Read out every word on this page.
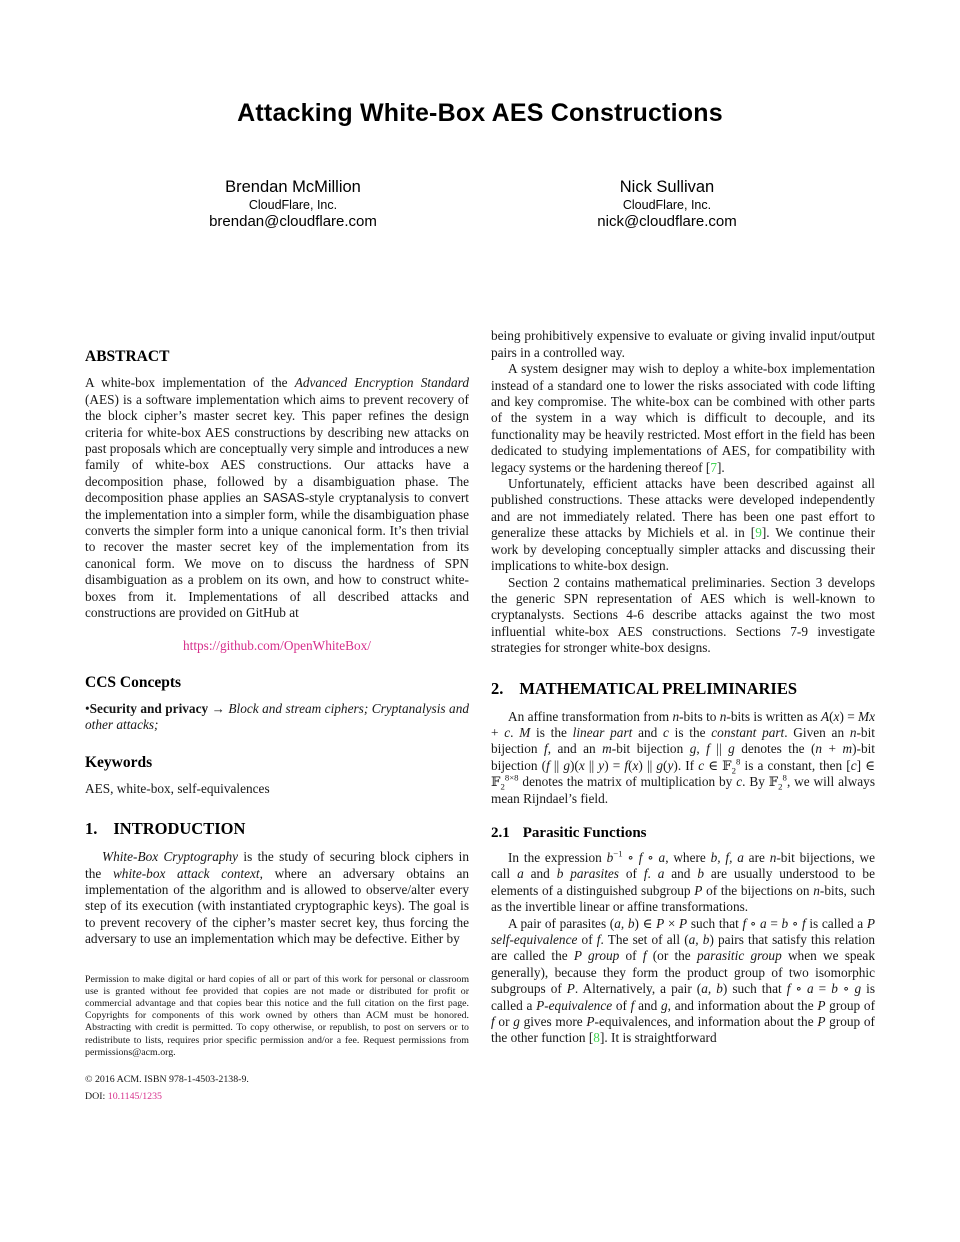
Attacking White-Box AES Constructions
Brendan McMillion
CloudFlare, Inc.
brendan@cloudflare.com
Nick Sullivan
CloudFlare, Inc.
nick@cloudflare.com
ABSTRACT

A white-box implementation of the Advanced Encryption Standard (AES) is a software implementation which aims to prevent recovery of the block cipher’s master secret key. This paper refines the design criteria for white-box AES constructions by describing new attacks on past proposals which are conceptually very simple and introduces a new family of white-box AES constructions. Our attacks have a decomposition phase, followed by a disambiguation phase. The decomposition phase applies an SASAS-style cryptanalysis to convert the implementation into a simpler form, while the disambiguation phase converts the simpler form into a unique canonical form. It’s then trivial to recover the master secret key of the implementation from its canonical form. We move on to discuss the hardness of SPN disambiguation as a problem on its own, and how to construct white-boxes from it. Implementations of all described attacks and constructions are provided on GitHub at

https://github.com/OpenWhiteBox/

CCS Concepts

•Security and privacy → Block and stream ciphers; Cryptanalysis and other attacks;

Keywords

AES, white-box, self-equivalences

1. INTRODUCTION

White-Box Cryptography is the study of securing block ciphers in the white-box attack context, where an adversary obtains an implementation of the algorithm and is allowed to observe/alter every step of its execution (with instantiated cryptographic keys). The goal is to prevent recovery of the cipher’s master secret key, thus forcing the adversary to use an implementation which may be defective. Either by

Permission to make digital or hard copies of all or part of this work for personal or classroom use is granted without fee provided that copies are not made or distributed for profit or commercial advantage and that copies bear this notice and the full citation on the first page. Copyrights for components of this work owned by others than ACM must be honored. Abstracting with credit is permitted. To copy otherwise, or republish, to post on servers or to redistribute to lists, requires prior specific permission and/or a fee. Request permissions from permissions@acm.org.

© 2016 ACM. ISBN 978-1-4503-2138-9.

DOI: 10.1145/1235

being prohibitively expensive to evaluate or giving invalid input/output pairs in a controlled way.

A system designer may wish to deploy a white-box implementation instead of a standard one to lower the risks associated with code lifting and key compromise. The white-box can be combined with other parts of the system in a way which is difficult to decouple, and its functionality may be heavily restricted. Most effort in the field has been dedicated to studying implementations of AES, for compatibility with legacy systems or the hardening thereof [7].

Unfortunately, efficient attacks have been described against all published constructions. These attacks were developed independently and are not immediately related. There has been one past effort to generalize these attacks by Michiels et al. in [9]. We continue their work by developing conceptually simpler attacks and discussing their implications to white-box design.

Section 2 contains mathematical preliminaries. Section 3 develops the generic SPN representation of AES which is well-known to cryptanalysts. Sections 4-6 describe attacks against the two most influential white-box AES constructions. Sections 7-9 investigate strategies for stronger white-box designs.

2. MATHEMATICAL PRELIMINARIES

An affine transformation from n-bits to n-bits is written as A(x) = Mx + c. M is the linear part and c is the constant part. Given an n-bit bijection f, and an m-bit bijection g, f || g denotes the (n + m)-bit bijection (f || g)(x || y) = f(x) || g(y). If c ∈ 𝔽$_2^8$ is a constant, then [c] ∈ 𝔽$_2^{8\times 8}$ denotes the matrix of multiplication by c. By 𝔽$_2^8$, we will always mean Rijndael’s field.

2.1 Parasitic Functions

In the expression $b^{-1}$ ∘ f ∘ a, where b, f, a are n-bit bijections, we call a and b parasites of f. a and b are usually understood to be elements of a distinguished subgroup P of the bijections on n-bits, such as the invertible linear or affine transformations.

A pair of parasites (a, b) ∈ P × P such that f ∘ a = b ∘ f is called a P self-equivalence of f. The set of all (a, b) pairs that satisfy this relation are called the P group of f (or the parasitic group when we speak generally), because they form the product group of two isomorphic subgroups of P. Alternatively, a pair (a, b) such that f ∘ a = b ∘ g is called a P-equivalence of f and g, and information about the P group of f or g gives more P-equivalences, and information about the P group of the other function [8]. It is straightforward
